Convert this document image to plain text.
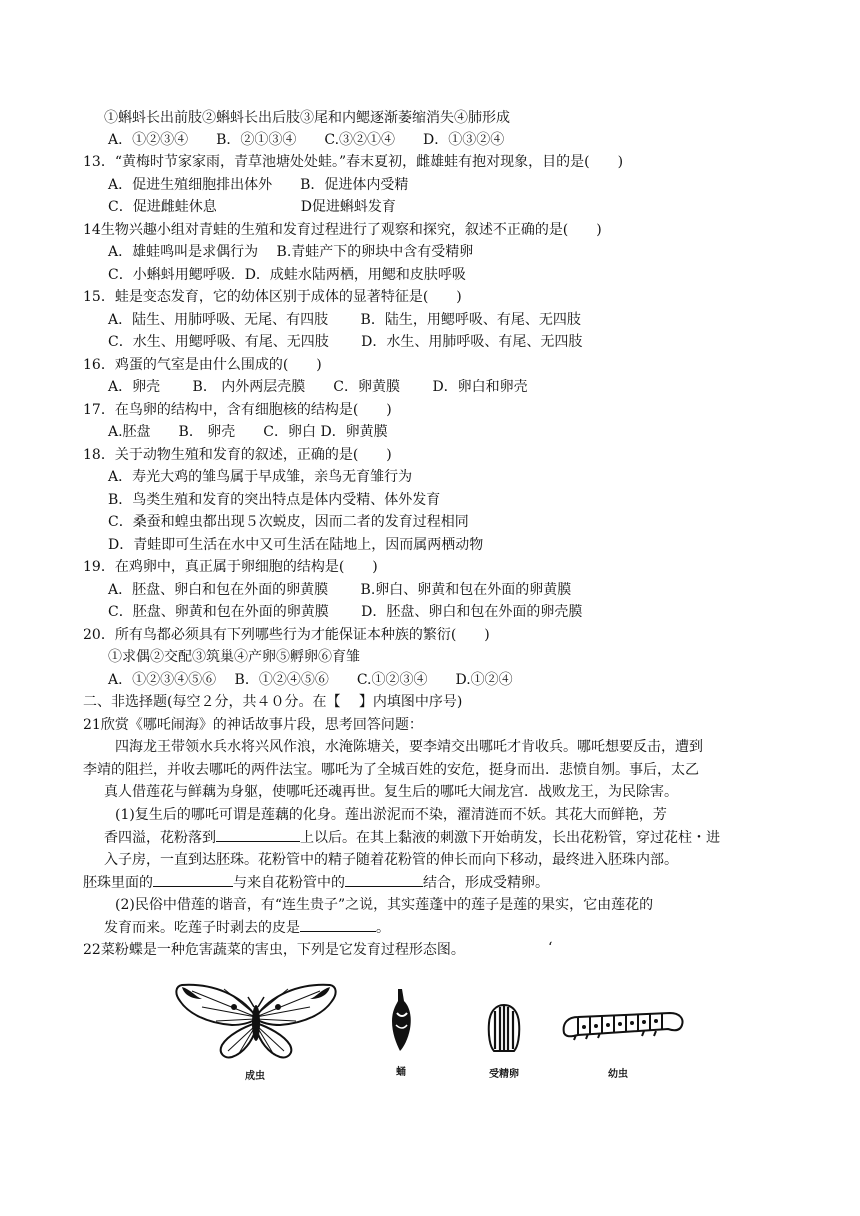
①蝌蚪长出前肢②蝌蚪长出后肢③尾和内鳃逐渐萎缩消失④肺形成
A．①②③④　　B．②①③④　　C.③②①④　　D．①③②④
13．“黄梅时节家家雨，青草池塘处处蛙。”春末夏初，雌雄蛙有抱对现象，目的是(　　)
A．促进生殖细胞排出体外　　B．促进体内受精
C．促进雌蛙休息　　　　　　D促进蝌蚪发育
14生物兴趣小组对青蛙的生殖和发育过程进行了观察和探究，叙述不正确的是(　　)
A．雄蛙鸣叫是求偶行为　 B.青蛙产下的卵块中含有受精卵
C．小蝌蚪用鳃呼吸．D．成蛙水陆两栖，用鳃和皮肤呼吸
15．蛙是变态发育，它的幼体区别于成体的显著特征是(　　)
A．陆生、用肺呼吸、无尾、有四肢　　 B．陆生，用鳃呼吸、有尾、无四肢
C．水生、用鳃呼吸、有尾、无四肢　　 D．水生、用肺呼吸、有尾、无四肢
16．鸡蛋的气室是由什么围成的(　　)
A．卵壳　　 B． 内外两层壳膜　　C．卵黄膜　　 D．卵白和卵壳
17．在鸟卵的结构中，含有细胞核的结构是(　　)
A.胚盘　　B． 卵壳　　C．卵白 D．卵黄膜
18．关于动物生殖和发育的叙述，正确的是(　　)
A．寿光大鸡的雏鸟属于早成雏，亲鸟无育雏行为
B．鸟类生殖和发育的突出特点是体内受精、体外发育
C．桑蚕和蝗虫都出现５次蜕皮，因而二者的发育过程相同
D．青蛙即可生活在水中又可生活在陆地上，因而属两栖动物
19．在鸡卵中，真正属于卵细胞的结构是(　　)
A．胚盘、卵白和包在外面的卵黄膜　　 B.卵白、卵黄和包在外面的卵黄膜
C．胚盘、卵黄和包在外面的卵黄膜　　 D．胚盘、卵白和包在外面的卵壳膜
20．所有鸟都必须具有下列哪些行为才能保证本种族的繁衍(　　)
①求偶②交配③筑巢④产卵⑤孵卵⑥育雏
A．①②③④⑤⑥　 B．①②④⑤⑥　　C.①②③④　　D.①②④
二、非选择题(每空２分，共４０分。在【　 】内填图中序号)
21欣赏《哪吒闹海》的神话故事片段，思考回答问题：
四海龙王带领水兵水将兴风作浪，水淹陈塘关，要李靖交出哪吒才肯收兵。哪吒想要反击，遭到
李靖的阻拦，并收去哪吒的两件法宝。哪吒为了全城百姓的安危，挺身而出．悲愤自刎。事后，太乙
真人借莲花与鲜藕为身躯，使哪吒还魂再世。复生后的哪吒大闹龙宫．战败龙王，为民除害。
(1)复生后的哪吒可谓是莲藕的化身。莲出淤泥而不染，濯清涟而不妖。其花大而鲜艳，芳
香四溢，花粉落到	上以后。在其上黏液的刺激下开始萌发，长出花粉管，穿过花柱・进
入子房，一直到达胚珠。花粉管中的精子随着花粉管的伸长而向下移动，最终进入胚珠内部。
胚珠里面的	与来自花粉管中的	结合，形成受精卵。
(2)民俗中借莲的谐音，有“连生贵子”之说，其实莲蓬中的莲子是莲的果实，它由莲花的
发育而来。吃莲子时剥去的皮是	。
22菜粉蝶是一种危害蔬菜的害虫，下列是它发育过程形态图。	‘
成虫	蛹	受精卵	幼虫
